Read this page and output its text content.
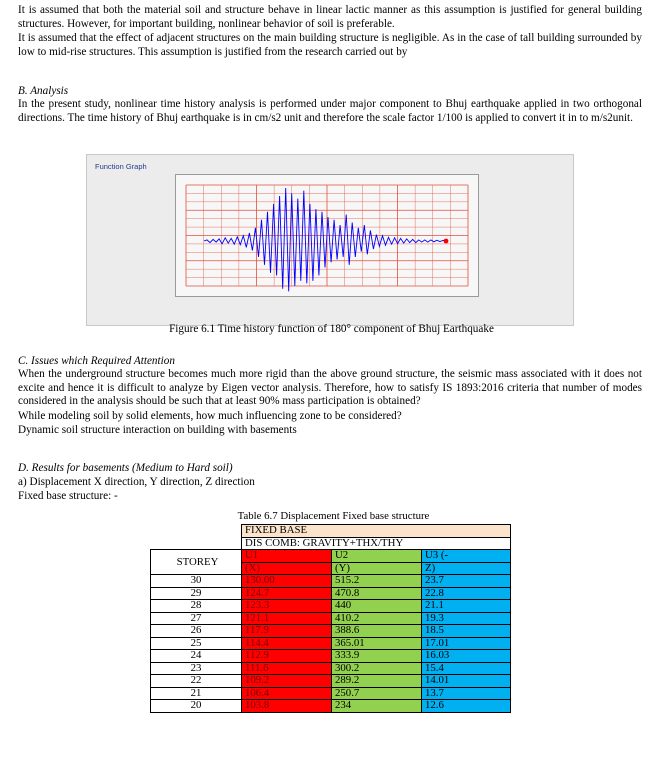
It is assumed that both the material soil and structure behave in linear lactic manner as this assumption is justified for general building structures. However, for important building, nonlinear behavior of soil is preferable.

It is assumed that the effect of adjacent structures on the main building structure is negligible. As in the case of tall building surrounded by low to mid-rise structures. This assumption is justified from the research carried out by

B. Analysis

In the present study, nonlinear time history analysis is performed under major component to Bhuj earthquake applied in two orthogonal directions. The time history of Bhuj earthquake is in cm/s2 unit and therefore the scale factor 1/100 is applied to convert it in to m/s2unit.

Function Graph
Figure 6.1 Time history function of 180° component of Bhuj Earthquake

C. Issues which Required Attention

When the underground structure becomes much more rigid than the above ground structure, the seismic mass associated with it does not excite and hence it is difficult to analyze by Eigen vector analysis. Therefore, how to satisfy IS 1893:2016 criteria that number of modes considered in the analysis should be such that at least 90% mass participation is obtained?

While modeling soil by solid elements, how much influencing zone to be considered?

Dynamic soil structure interaction on building with basements

D. Results for basements (Medium to Hard soil)

a) Displacement X direction, Y direction, Z direction

Fixed base structure: -

Table 6.7 Displacement Fixed base structure
	FIXED BASE		
	DIS COMB: GRAVITY+THX/THY		
STOREY	U1	U2	U3 (-
	(X)	(Y)	Z)
30	130.00	515.2	23.7
29	124.7	470.8	22.8
28	123.3	440	21.1
27	121.1	410.2	19.3
26	117.9	388.6	18.5
25	114.4	365.01	17.01
24	112.9	333.9	16.03
23	111.6	300.2	15.4
22	109.2	289.2	14.01
21	106.4	250.7	13.7
20	103.8	234	12.6
